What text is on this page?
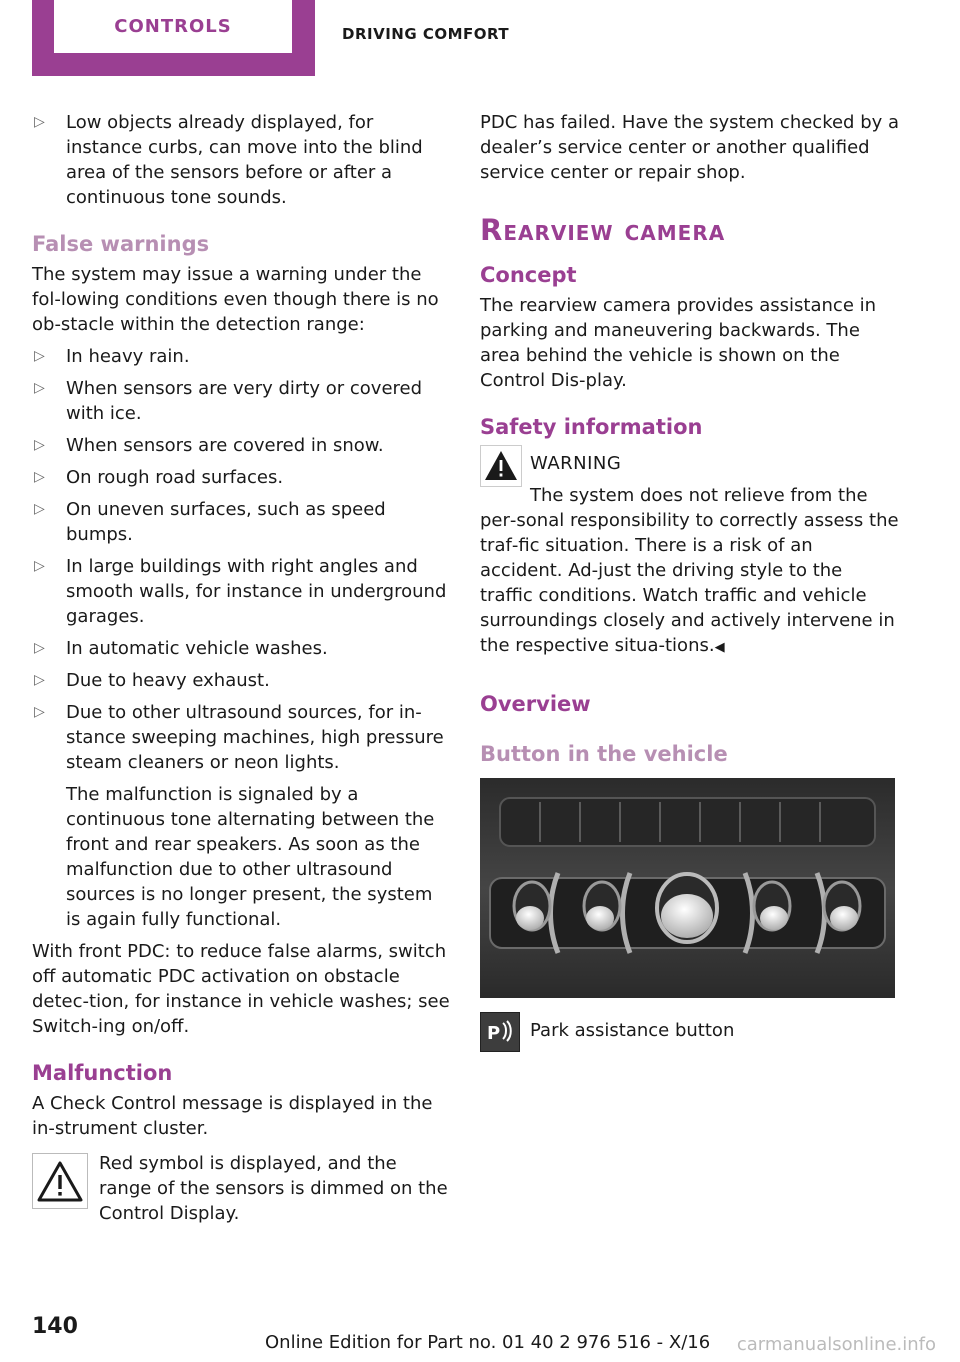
CONTROLS	DRIVING COMFORT
▷ Low objects already displayed, for instance curbs, can move into the blind area of the sensors before or after a continuous tone sounds.
False warnings

The system may issue a warning under the fol‐lowing conditions even though there is no ob‐stacle within the detection range:

▷ In heavy rain.
▷ When sensors are very dirty or covered with ice.
▷ When sensors are covered in snow.
▷ On rough road surfaces.
▷ On uneven surfaces, such as speed bumps.
▷ In large buildings with right angles and smooth walls, for instance in underground garages.
▷ In automatic vehicle washes.
▷ Due to heavy exhaust.
▷ Due to other ultrasound sources, for in‐stance sweeping machines, high pressure steam cleaners or neon lights.

The malfunction is signaled by a continuous tone alternating between the front and rear speakers. As soon as the malfunction due to other ultrasound sources is no longer present, the system is again fully functional.

With front PDC: to reduce false alarms, switch off automatic PDC activation on obstacle detec‐tion, for instance in vehicle washes; see Switch‐ing on/off.

Malfunction

A Check Control message is displayed in the in‐strument cluster.

Red symbol is displayed, and the range of the sensors is dimmed on the Control Display.

PDC has failed. Have the system checked by a dealer’s service center or another qualified service center or repair shop.

Rearview camera
Concept

The rearview camera provides assistance in parking and maneuvering backwards. The area behind the vehicle is shown on the Control Dis‐play.

Safety information
WARNING

The system does not relieve from the per‐sonal responsibility to correctly assess the traf‐fic situation. There is a risk of an accident. Ad‐just the driving style to the traffic conditions. Watch traffic and vehicle surroundings closely and actively intervene in the respective situa‐tions.◀

Overview
Button in the vehicle
P Park assistance button
140
Online Edition for Part no. 01 40 2 976 516 - X/16 carmanualsonline.info
